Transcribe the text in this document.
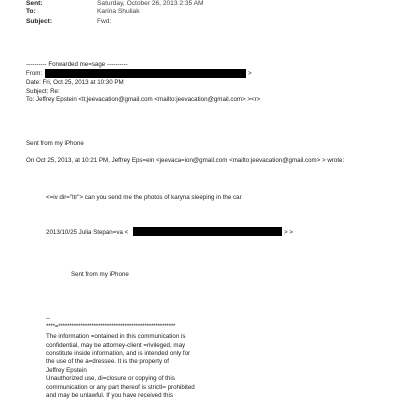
Sent:	Saturday, October 26, 2013 2:35 AM
To:	Karina Shuliak
Subject:	Fwd:
---------- Forwarded me=sage ----------
From:	>
Date: Fri, Oct 25, 2013 at 10:30 PM
Subject: Re:
To: Jeffrey Epstein <lt;jeevacation@gmail.com <mailto:jeevacation@gmail.com> ><r>
Sent from my iPhone
On Oct 25, 2013, at 10:21 PM, Jeffrey Eps=ein <jeevaca=ion@gmail.com <mailto:jeevacation@gmail.com> > wrote:
<=iv dir="ltr"> can you send me the photos of karyna sleeping in the car
2013/10/25 Julia Stepan=va <	> >
Sent from my iPhone
--
****=*****************************************************
The information =ontained in this communication is
confidential, may be attorney-client =rivileged, may
constitute inside information, and is intended only for
the use of the a=dressee. It is the property of
Jeffrey Epstein
Unauthorized use, di=closure or copying of this
communication or any part thereof is strictl= prohibited
and may be unlawful. If you have received this
